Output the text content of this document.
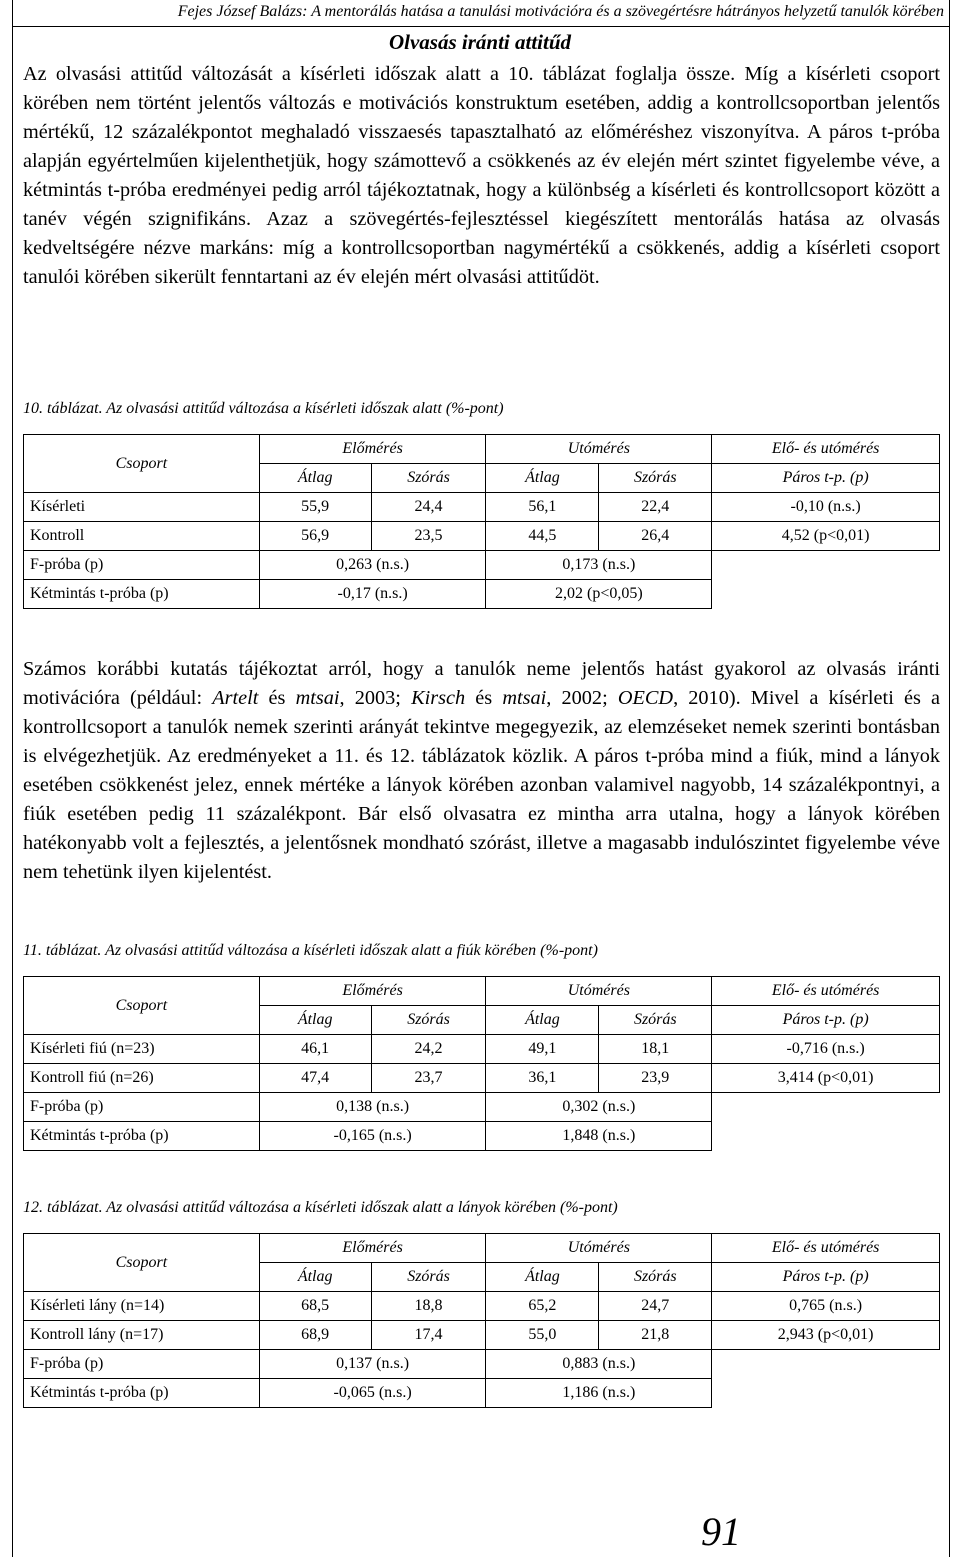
Fejes József Balázs: A mentorálás hatása a tanulási motivációra és a szövegértésre hátrányos helyzetű tanulók körében
Olvasás iránti attitűd

Az olvasási attitűd változását a kísérleti időszak alatt a 10. táblázat foglalja össze. Míg a kísérleti csoport körében nem történt jelentős változás e motivációs konstruktum esetében, addig a kontrollcsoportban jelentős mértékű, 12 százalékpontot meghaladó visszaesés tapasztalható az előméréshez viszonyítva. A páros t-próba alapján egyértelműen kijelenthetjük, hogy számottevő a csökkenés az év elején mért szintet figyelembe véve, a kétmintás t-próba eredményei pedig arról tájékoztatnak, hogy a különbség a kísérleti és kontrollcsoport között a tanév végén szignifikáns. Azaz a szövegértés-fejlesztéssel kiegészített mentorálás hatása az olvasás kedveltségére nézve markáns: míg a kontrollcsoportban nagymértékű a csökkenés, addig a kísérleti csoport tanulói körében sikerült fenntartani az év elején mért olvasási attitűdöt.

10. táblázat. Az olvasási attitűd változása a kísérleti időszak alatt (%-pont)
Csoport	Előmérés		Utómérés		Elő- és utómérés
	Átlag	Szórás	Átlag	Szórás	Páros t-p. (p)
Kísérleti	55,9	24,4	56,1	22,4	-0,10 (n.s.)
Kontroll	56,9	23,5	44,5	26,4	4,52 (p<0,01)
F-próba (p)	0,263 (n.s.)		0,173 (n.s.)		
Kétmintás t-próba (p)	-0,17 (n.s.)		2,02 (p<0,05)		

Számos korábbi kutatás tájékoztat arról, hogy a tanulók neme jelentős hatást gyakorol az olvasás iránti motivációra (például: Artelt és mtsai, 2003; Kirsch és mtsai, 2002; OECD, 2010). Mivel a kísérleti és a kontrollcsoport a tanulók nemek szerinti arányát tekintve megegyezik, az elemzéseket nemek szerinti bontásban is elvégezhetjük. Az eredményeket a 11. és 12. táblázatok közlik. A páros t-próba mind a fiúk, mind a lányok esetében csökkenést jelez, ennek mértéke a lányok körében azonban valamivel nagyobb, 14 százalékpontnyi, a fiúk esetében pedig 11 százalékpont. Bár első olvasatra ez mintha arra utalna, hogy a lányok körében hatékonyabb volt a fejlesztés, a jelentősnek mondható szórást, illetve a magasabb indulószintet figyelembe véve nem tehetünk ilyen kijelentést.

11. táblázat. Az olvasási attitűd változása a kísérleti időszak alatt a fiúk körében (%-pont)
Csoport	Előmérés		Utómérés		Elő- és utómérés
	Átlag	Szórás	Átlag	Szórás	Páros t-p. (p)
Kísérleti fiú (n=23)	46,1	24,2	49,1	18,1	-0,716 (n.s.)
Kontroll fiú (n=26)	47,4	23,7	36,1	23,9	3,414 (p<0,01)
F-próba (p)	0,138 (n.s.)		0,302 (n.s.)		
Kétmintás t-próba (p)	-0,165 (n.s.)		1,848 (n.s.)		
12. táblázat. Az olvasási attitűd változása a kísérleti időszak alatt a lányok körében (%-pont)
Csoport	Előmérés		Utómérés		Elő- és utómérés
	Átlag	Szórás	Átlag	Szórás	Páros t-p. (p)
Kísérleti lány (n=14)	68,5	18,8	65,2	24,7	0,765 (n.s.)
Kontroll lány (n=17)	68,9	17,4	55,0	21,8	2,943 (p<0,01)
F-próba (p)	0,137 (n.s.)		0,883 (n.s.)		
Kétmintás t-próba (p)	-0,065 (n.s.)		1,186 (n.s.)		
91
